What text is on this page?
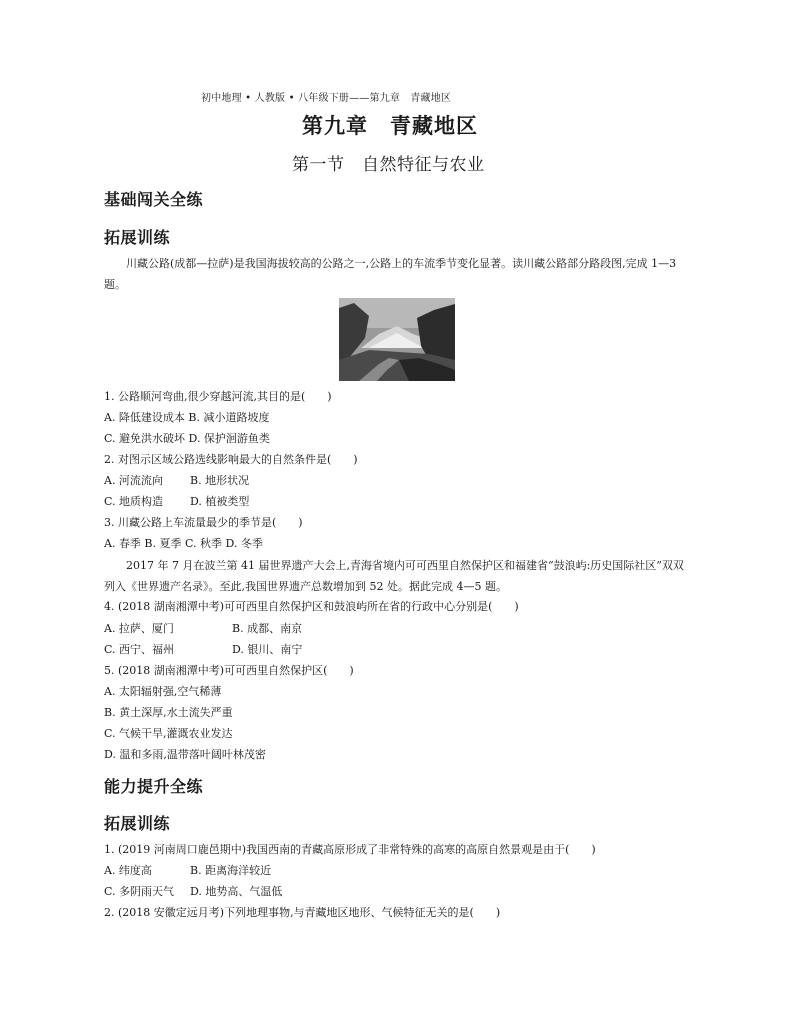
初中地理 • 人教版 • 八年级下册——第九章　青藏地区
第九章　青藏地区
第一节　自然特征与农业
基础闯关全练
拓展训练
川藏公路(成都—拉萨)是我国海拔较高的公路之一,公路上的车流季节变化显著。读川藏公路部分路段图,完成 1—3 题。
1. 公路顺河弯曲,很少穿越河流,其目的是(　　)
A. 降低建设成本 B. 减小道路坡度
C. 避免洪水破坏 D. 保护洄游鱼类
2. 对图示区域公路选线影响最大的自然条件是(　　)
A. 河流流向 B. 地形状况
C. 地质构造 D. 植被类型
3. 川藏公路上车流量最少的季节是(　　)
A. 春季 B. 夏季 C. 秋季 D. 冬季
2017 年 7 月在波兰第 41 届世界遗产大会上,青海省境内可可西里自然保护区和福建省“鼓浪屿:历史国际社区”双双列入《世界遗产名录》。至此,我国世界遗产总数增加到 52 处。据此完成 4—5 题。
4. (2018 湖南湘潭中考)可可西里自然保护区和鼓浪屿所在省的行政中心分别是(　　)
A. 拉萨、厦门	B. 成都、南京
C. 西宁、福州	D. 银川、南宁
5. (2018 湖南湘潭中考)可可西里自然保护区(　　)
A. 太阳辐射强,空气稀薄
B. 黄土深厚,水土流失严重
C. 气候干旱,灌溉农业发达
D. 温和多雨,温带落叶阔叶林茂密
能力提升全练
拓展训练
1. (2019 河南周口鹿邑期中)我国西南的青藏高原形成了非常特殊的高寒的高原自然景观是由于(　　)
A. 纬度高	B. 距离海洋较近
C. 多阴雨天气 D. 地势高、气温低
2. (2018 安徽定远月考)下列地理事物,与青藏地区地形、气候特征无关的是(　　)
